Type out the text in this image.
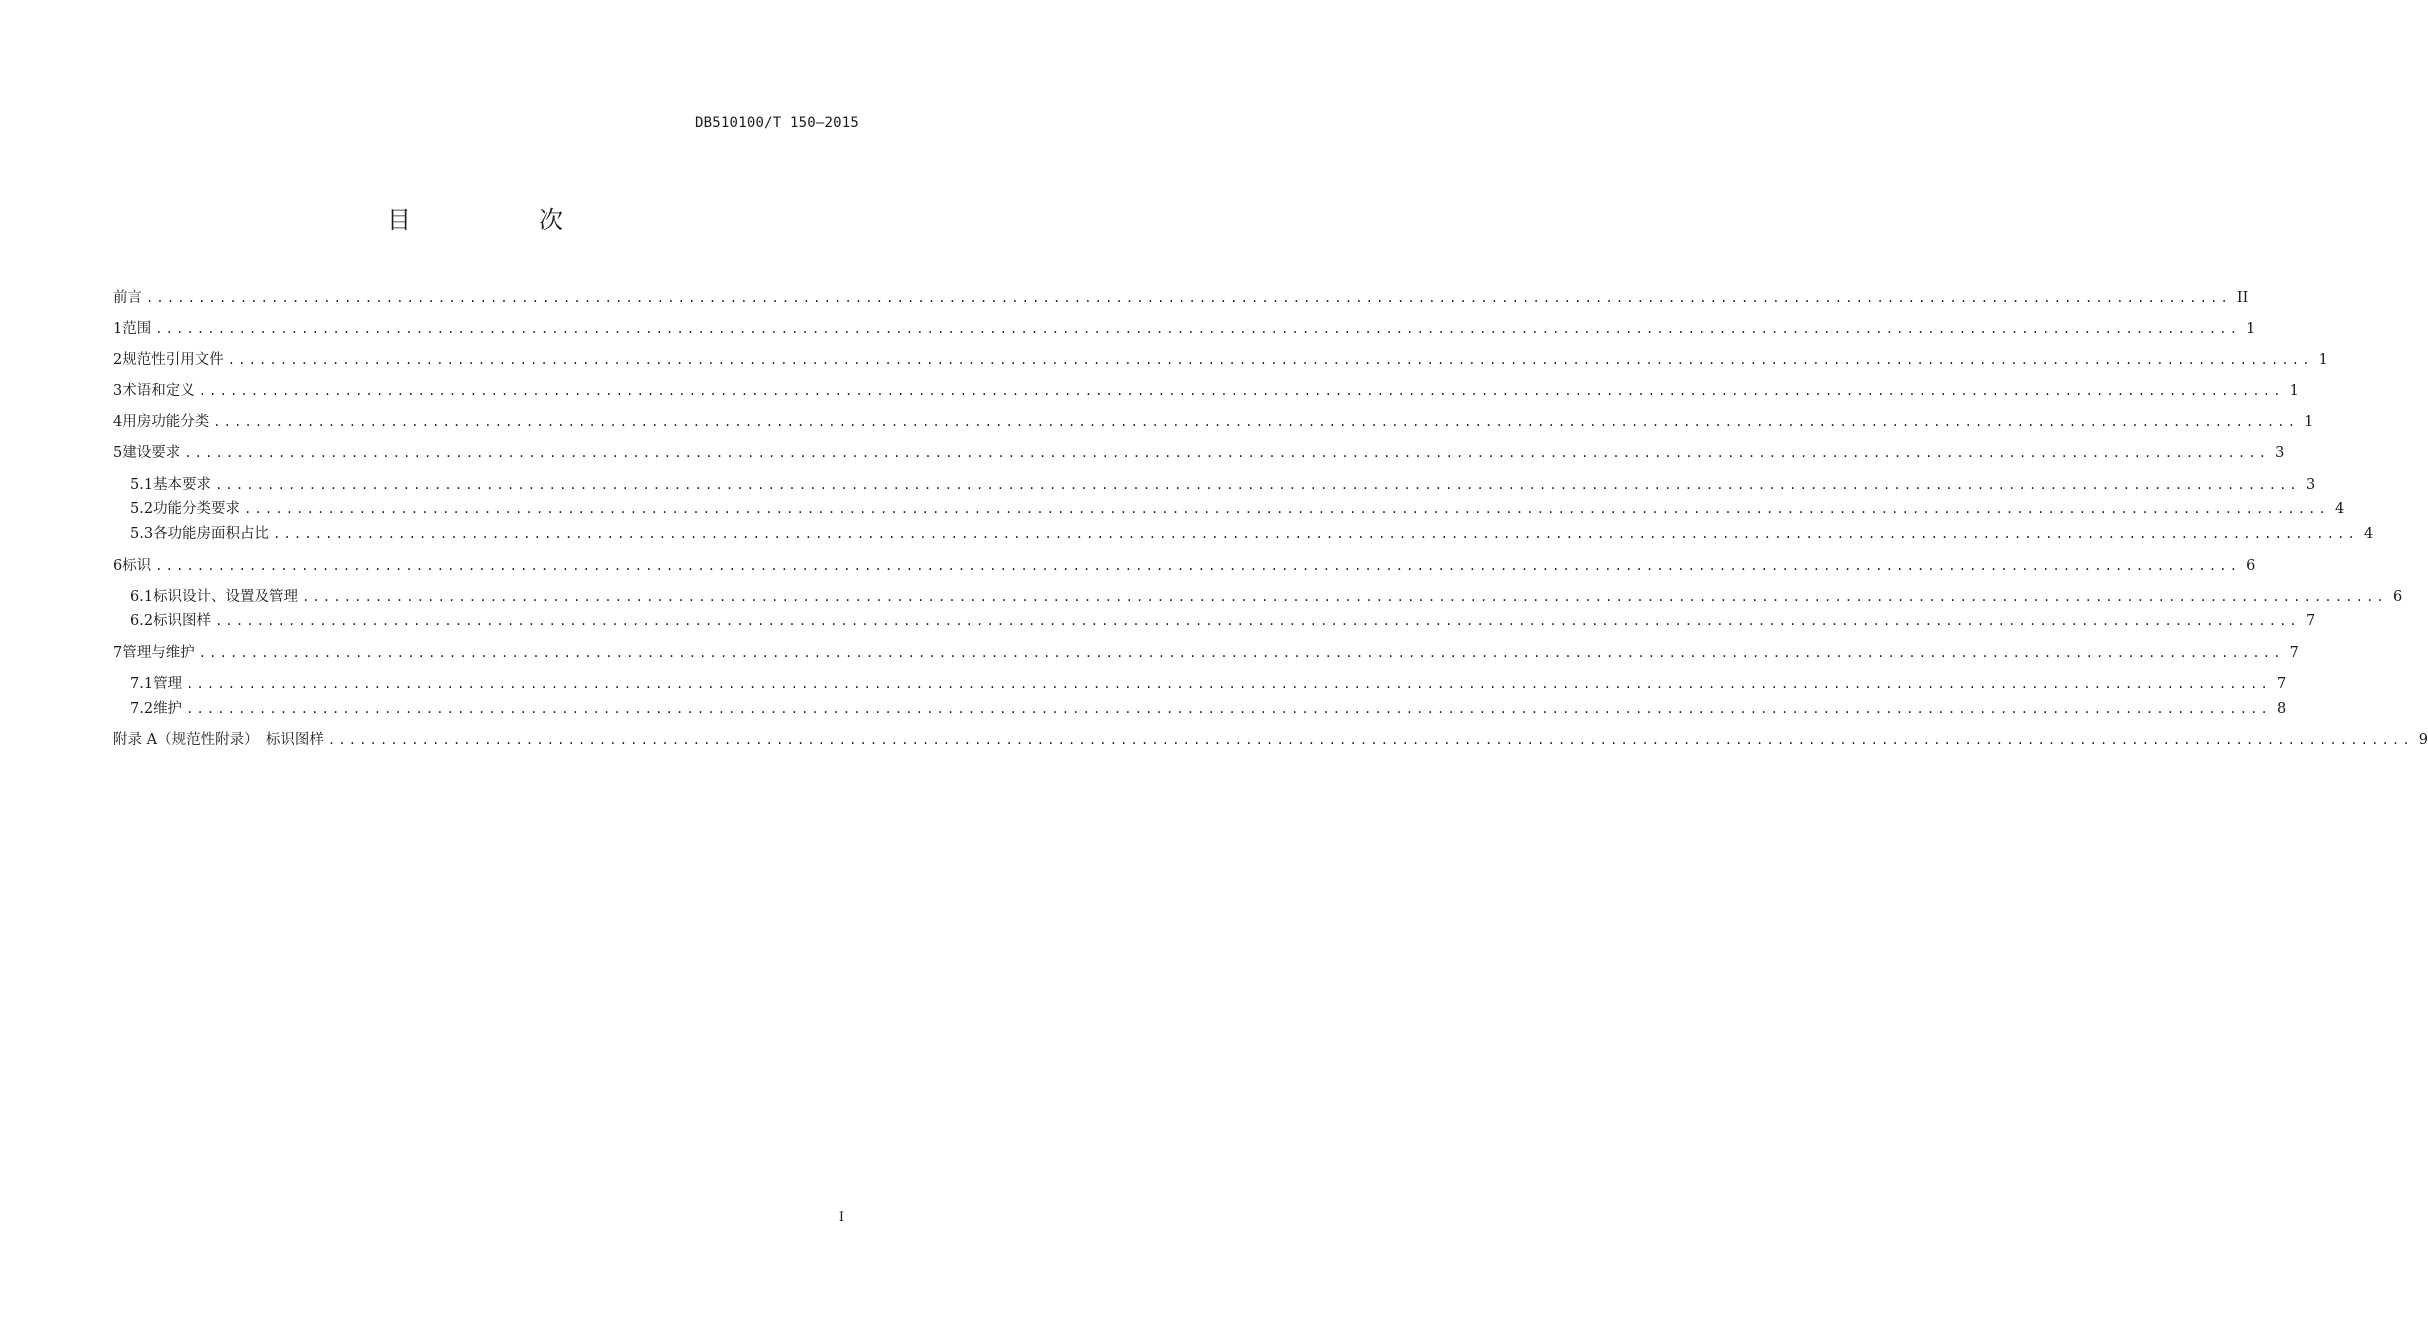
DB510100/T 150—2015
目　次
前言 ........................................................................................................................................................................................................ II
1 范围 ........................................................................................................................................................................................................ 1
2 规范性引用文件 ........................................................................................................................................................................................................ 1
3 术语和定义 ........................................................................................................................................................................................................ 1
4 用房功能分类 ........................................................................................................................................................................................................ 1
5 建设要求 ........................................................................................................................................................................................................ 3
5.1 基本要求 ........................................................................................................................................................................................................ 3
5.2 功能分类要求 ........................................................................................................................................................................................................ 4
5.3 各功能房面积占比 ........................................................................................................................................................................................................ 4
6 标识 ........................................................................................................................................................................................................ 6
6.1 标识设计、设置及管理 ........................................................................................................................................................................................................ 6
6.2 标识图样 ........................................................................................................................................................................................................ 7
7 管理与维护 ........................................................................................................................................................................................................ 7
7.1 管理 ........................................................................................................................................................................................................ 7
7.2 维护 ........................................................................................................................................................................................................ 8
附录 A（规范性附录）　标识图样 ........................................................................................................................................................................................................ 9
I
